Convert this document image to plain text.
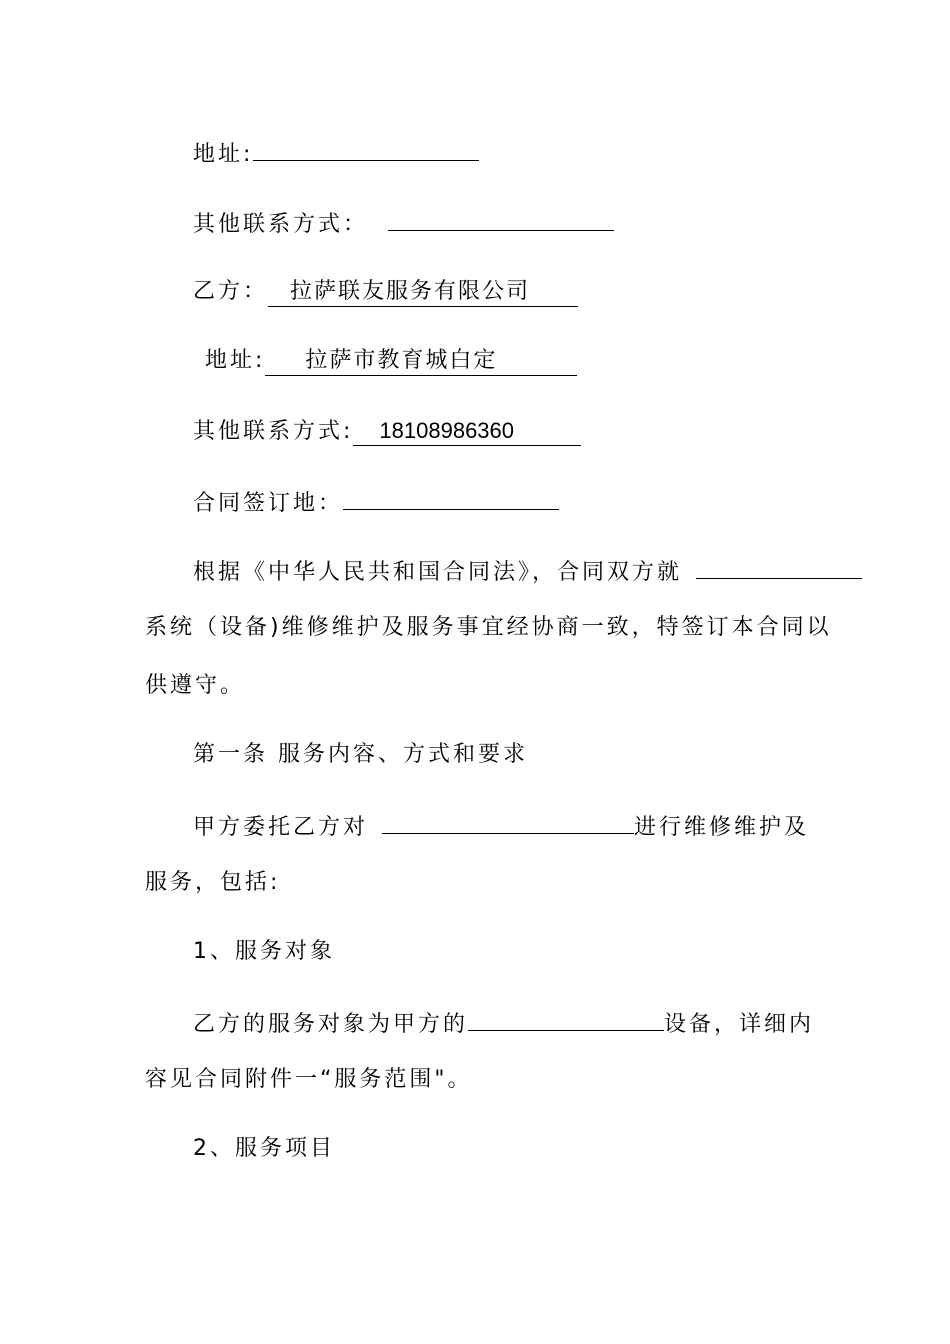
地址:
其他联系方式：
乙方： 拉萨联友服务有限公司
地址: 拉萨市教育城白定
其他联系方式: 18108986360
合同签订地：
根据《中华人民共和国合同法》，合同双方就
系统（设备)维修维护及服务事宜经协商一致，特签订本合同以
供遵守。
第一条 服务内容、方式和要求
甲方委托乙方对	进行维修维护及
服务，包括:
1、服务对象
乙方的服务对象为甲方的	设备，详细内
容见合同附件一“服务范围"。
2、服务项目
